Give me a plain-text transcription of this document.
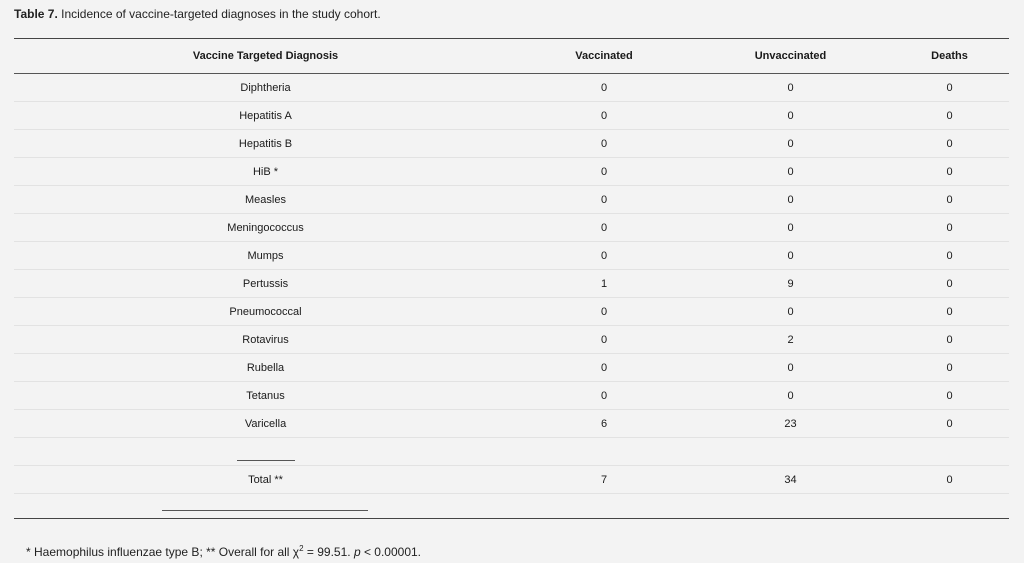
Table 7. Incidence of vaccine-targeted diagnoses in the study cohort.
Vaccine Targeted Diagnosis	Vaccinated	Unvaccinated	Deaths
Diphtheria	0	0	0
Hepatitis A	0	0	0
Hepatitis B	0	0	0
HiB *	0	0	0
Measles	0	0	0
Meningococcus	0	0	0
Mumps	0	0	0
Pertussis	1	9	0
Pneumococcal	0	0	0
Rotavirus	0	2	0
Rubella	0	0	0
Tetanus	0	0	0
Varicella	6	23	0

Total **	7	34	0
* Haemophilus influenzae type B; ** Overall for all $\chi^2 = 99.51$. p < 0.00001.
